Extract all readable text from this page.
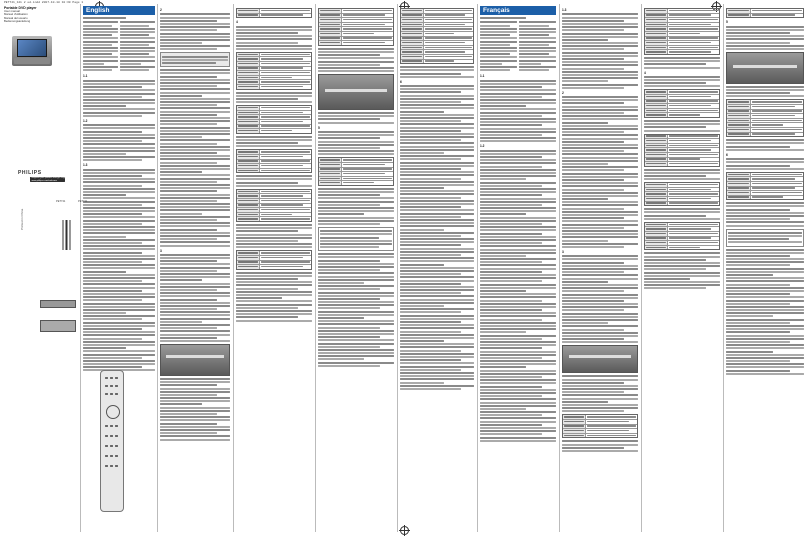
PET741_12k 2 ed.indd 2007-10-18 10:30 Page 1
Portable DVD player
User manual
Manuel d'utilisation
Manual del usuario
Bedienungsanleitung
PHILIPS
Register your product and get support at
www.philips.com/welcome
PET741
Printed in China
English
1.1
1.2
1.3
2
3
4
5
6
Français
1.1
1.2
1.3
2
3
4
5
6
PET741
